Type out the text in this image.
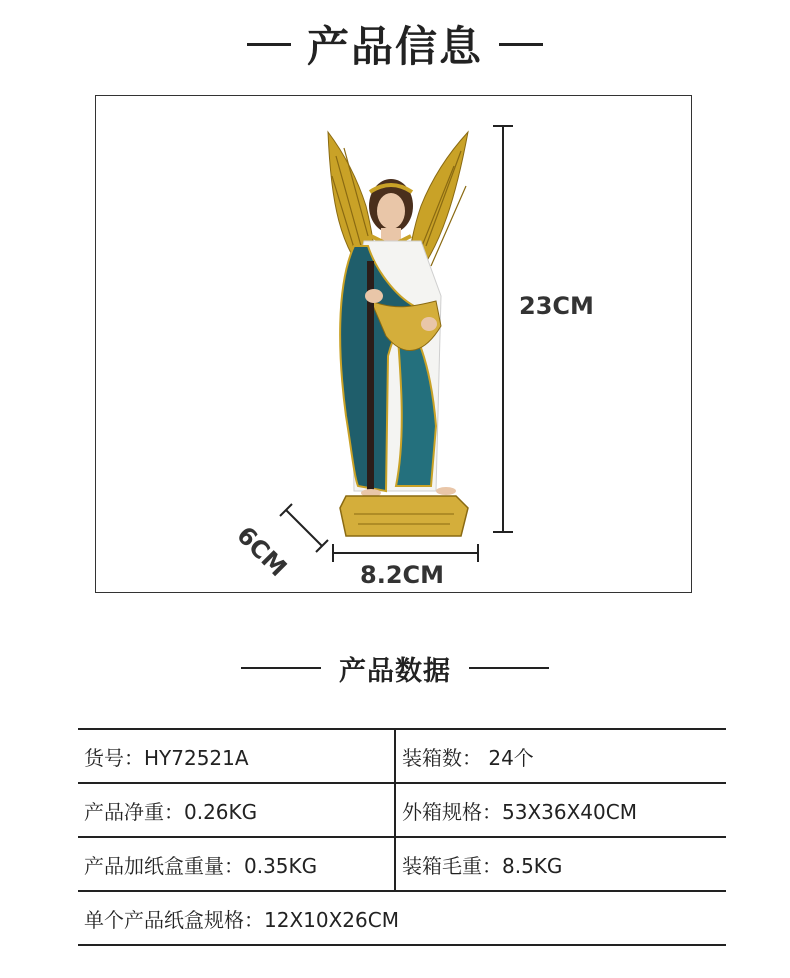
产品信息
23CM
8.2CM
6CM
产品数据
货号：HY72521A	装箱数： 24个
产品净重：0.26KG	外箱规格：53X36X40CM
产品加纸盒重量：0.35KG	装箱毛重：8.5KG
单个产品纸盒规格：12X10X26CM	
